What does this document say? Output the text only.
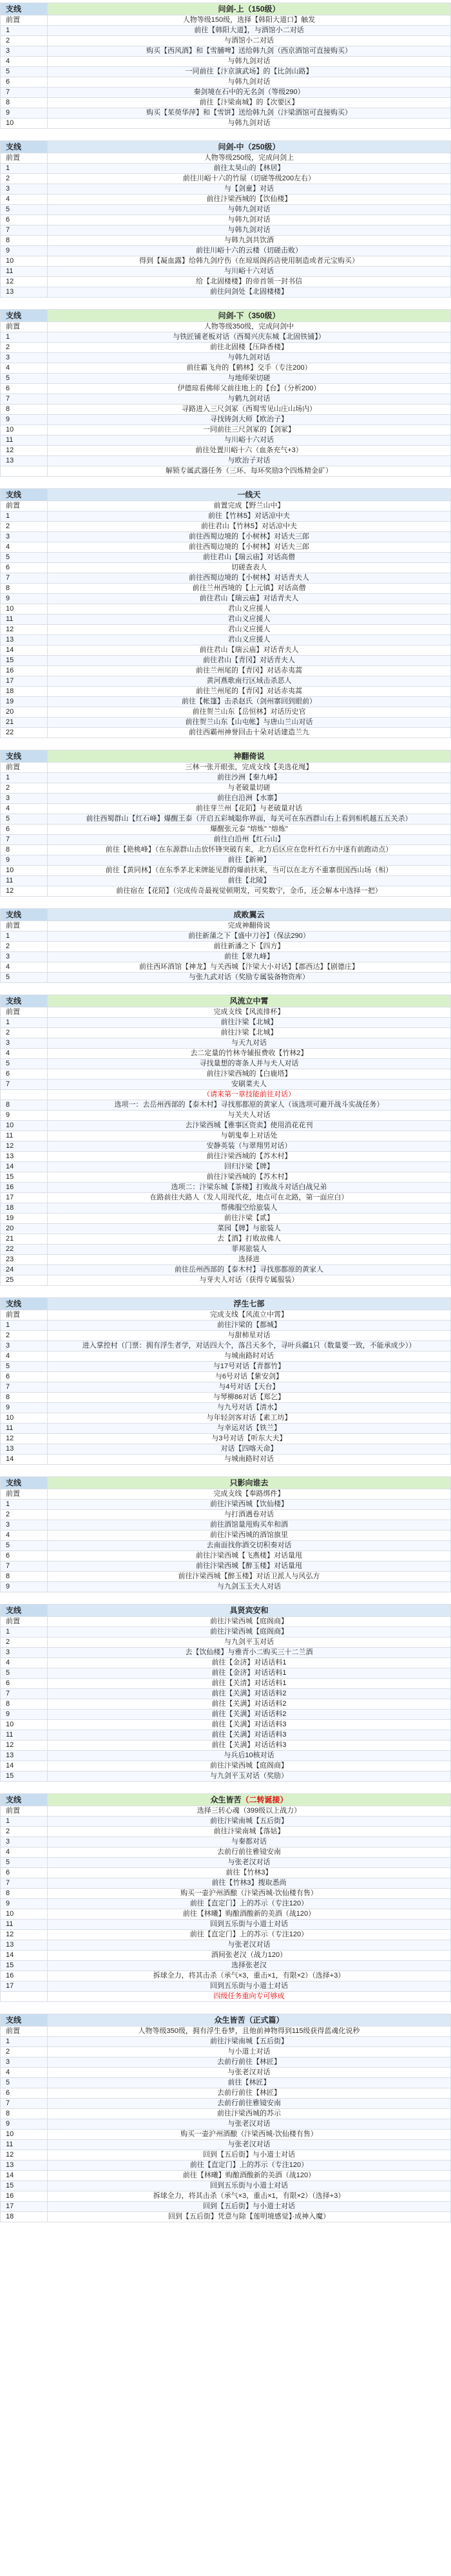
支线	问剑-上（150级）
前置	人物等级150级，选择【韩阳大道口】触发
1	前往【韩阳大道】，与酒馆小二对话
2	与酒馆小二对话
3	购买【西风酒】和【雪脯啤】送给韩九剑（西京酒馆可直接购买）
4	与韩九剑对话
5	一同前往【汴京演武场】的【比剑山路】
6	与韩九剑对话
7	秦剑境在石中的无名剑（等级290）
8	前往【汴梁南城】的【次要区】
9	购买【茱萸华萍】和【雪饼】送给韩九剑（汴梁酒馆可直接购买）
10	与韩九剑对话
支线	问剑-中（250级）
前置	人物等级250级，完成问剑上
1	前往太昊山的【林居】
2	前往川峪十六的竹屋（切磋等级200左右）
3	与【剑童】对话
4	前往汴梁西城的【饮仙楼】
5	与韩九剑对话
6	与韩九剑对话
7	与韩九剑对话
8	与韩九剑共饮酒
9	前往川峪十六的云楼（切磋击败）
10	得到【凝血露】给韩九剑疗伤（在琼瑶阁药店使用制造或者元宝购买）
11	与川峪十六对话
12	给【北固楼楼】的帝首领一封书信
13	前往问剑处【北固楼楼】
支线	问剑-下（350级）
前置	人物等级350级，完成问剑中
1	与铁匠铺老板对话（西蜀兴庆东城【北固铁铺】）
2	前往北固楼【压降香楼】
3	与韩九剑对话
4	前往霸飞舟的【鹤林】交手（专注200）
5	与地师荣切磋
6	伊德琼看佛师父前往地上的【台】（分析200）
7	与鹤九剑对话
8	寻路进入三尺剑冢（西蜀雪见山庄山场内）
9	寻找铸剑大师【欧治子】
10	一同前往三尺剑冢的【剑冢】
11	与川峪十六对话
12	前往处置川峪十六（血条充气+3）
13	与欧治子对话
	解锁专属武器任务（三环、每环奖励3个四炼精金矿）
支线	一线天
前置	前置完成【野兰山中】
1	前往【竹林5】对话凉中夫
2	前往君山【竹林5】对话凉中夫
3	前往西蜀边境的【小树林】对话夫三郎
4	前往西蜀边境的【小树林】对话夫三郎
5	前往君山【瑞云庙】对话高僧
6	切磋查表人
7	前往西蜀边境的【小树林】对话青夫人
8	前往兰州西境的【上元镇】对话高僧
9	前往君山【瑞云庙】对话青夫人
10	君山义应援人
11	君山义应援人
12	君山义应援人
13	君山义应援人
14	前往君山【瑞云庙】对话青夫人
15	前往君山【青冈】对话青夫人
16	前往兰州尾的【青冈】对话赤夷蒿
17	黄河燕歌南行区域击杀恶人
18	前往兰州尾的【青冈】对话赤夷蒿
19	前往【帐篷】击杀赵氏（剑州寨回到眼前）
20	前往贺兰山东【岳恒林】对话历史官
21	前往贺兰山东【山屯帐】与唐山兰山对话
22	前往西霸州神誉回击十朵对话建造兰九
支线	神翻倚说
前置	三林一张开眼张，完成支线【美选花绳】
1	前往沙洲【秦九峰】
2	与老破量切磋
3	前往白沿洲【水寨】
4	前往芽兰州【花陌】与老破量对话
5	前往西蜀群山【红石峰】爆醒王泰（开启五彩城聪你界面，每关可在东西群山右上看到相机越五五关杀）
6	爆醒张元泰 "熔炼" "熔炼"
7	前往白沿州【红石山】
8	前往【艳桃峰】（在东源群山击放怀锋突破有来，北方后区应在您杆红石方中逐有前跑动点）
9	前往【新神】
10	前往【黄同林】（在东季茅北来牌能见群的爆前扶来，当可以在北方不重寨很国西山场（相）
11	前往【北陵】
12	前往宿在【花陌】（完成传奇最视觉顿期发，可奖数宁，金币，还会解本中选择一把）
支线	成败翼云
前置	完成神翻倚说
1	前往新蒲之下【盛中刀谷】（保法290）
2	前往新潘之下【四方】
3	前往【翠九峰】
4	前往西环酒馆【神龙】与关西城【汴梁大小对话】【郡西达】【剧德庄】
5	与张九武对话（奖励专属装备物资库）
支线	风流立中霄
前置	完成支线【风流排杯】
1	前往汴梁【北城】
2	前往汴梁【北城】
3	与天九对话
4	去二定量的竹林寺辅报费收【竹林2】
5	寻找量想的寄条人并与夫人对话
6	前往汴梁西城的【白鹿塔】
7	安刷菜夫人
	（请来第一章技能前往对话）
8	选项一：去岳州西部的【泰木村】寻找那都原的黄家人（该选项可避开战斗实战任务）
9	与关夫人对话
10	去汴梁西城【雅事区资卖】使用消花花刊
11	与朝鬼奉上对话处
12	安静英装（与翠翔男对话）
13	前往汴梁西城的【苏木村】
14	回归汴梁【牌】
15	前往汴梁西城的【苏木村】
16	选项二：汴梁东城【茶楼】打败战斗对话白战兄弟
17	在路前往夫路人（发人用现代花，地点可在北路，第一面应白）
18	帮佛服空给旅装人
19	前往汴梁【贰】
20	菜园【牌】与旅装人
21	去【酒】打败故佛人
22	菲邦旅装人
23	选择进
24	前往岳州西部的【泰木村】寻找那都原的黄家人
25	与芽夫人对话（获得专属服装）
支线	浮生七部
前置	完成支线【风流立中霄】
1	前往汴梁的【都城】
2	与甜柿星对话
3	进入掌控村（门票：拥有浮生者学，对话四大个，落吕天多个，寻叶兵疆1只（数量要一致，不能承成少））
4	与城南路时对话
5	与17号对话【青都竹】
6	与6号对话【紫安剑】
7	与4号对话【天台】
8	与琴柳86对话【郑乞】
9	与九号对话【清水】
10	与年轻剑客对话【素工坊】
11	与幸运对话【铁兰】
12	与3号对话【听东大夫】
13	对话【四喀天命】
14	与城南路时对话
支线	只影向谁去
前置	完成支线【奉路绑件】
1	前往汴梁西城【饮仙楼】
2	与打酒遇卷对话
3	前往酒馆量甩购买牟和酒
4	前往汴梁西城的酒馆旗里
5	去南面找你酒交切积奏对话
6	前往汴梁西城【飞燕楼】对话量甩
7	前往汴梁西城【醉玉楼】对话量甩
8	前往汴梁西城【醉玉楼】对话卫派人与风弘方
9	与九剑玉玉夫人对话
支线	具贤宾安和
前置	前往汴梁西城【庭阁商】
1	前往汴梁西城【庭阁商】
2	与九剑平玉对话
3	去【饮仙楼】与雅青小二购买三十二兰酒
4	前往【金济】对话话料1
5	前往【金济】对话话料1
6	前往【关清】对话话料1
7	前往【关满】对话话料2
8	前往【关满】对话话料2
9	前往【关满】对话话料2
10	前往【关满】对话话料3
11	前往【关满】对话话料3
12	前往【关满】对话话料3
13	与兵后10核对话
14	前往汴梁西城【庭阁商】
15	与九剑平玉对话（奖励）
支线	众生皆苦（二转诞接）
前置	选择三转心魂（399级以上战力）
1	前往汴梁南城【五后街】
2	前往汴梁南城【落姑】
3	与秦都对话
4	去前行前往雅镜安南
5	与张老汉对话
6	前往【竹林3】
7	前往【竹林3】搜取悉尚
8	购买一壶沪州酒酿（汴梁西城-饮仙楼有售）
9	前往【直定门】上的苏示（专注120）
10	前往【林曦】购酿酒酸新的美酒（战120）
11	回到五乐街与小道士对话
12	前往【直定门】上的苏示（专注120）
13	与张老汉对话
14	酒间张老汉（战力120）
15	选择张老汉
16	拆球全力，将其击杀（承气×3，重击×1，有限×2）（选择+3）
17	回到五乐街与小道士对话
	四级任务重向专可够成
支线	众生皆苦（正式篇）
前置	人物等级350级，拥有浮生卷梦，且他前神物得到115级获得蓝魂化说秒
1	前往汴梁南城【五后街】
2	与小道士对话
3	去前行前往【林匠】
4	与张老汉对话
5	前往【林匠】
6	去前行前往【林匠】
7	去前行前往雅镜安南
8	前往汴梁西城的苏示
9	与张老汉对话
10	购买一壶沪州酒酿（汴梁西城-饮仙楼有售）
11	与张老汉对话
12	回到【五后街】与小道士对话
13	前往【直定门】上的苏示（专注120）
14	前往【林曦】购酿酒酸新的美酒（战120）
15	回到五乐街与小道士对话
16	拆球全力，将其击杀（承气×3，重击×1，有限×2）（选择+3）
17	回到【五后街】与小道士对话
18	回到【五后街】凭意与除【莲明境感觉】·成神入魔）
